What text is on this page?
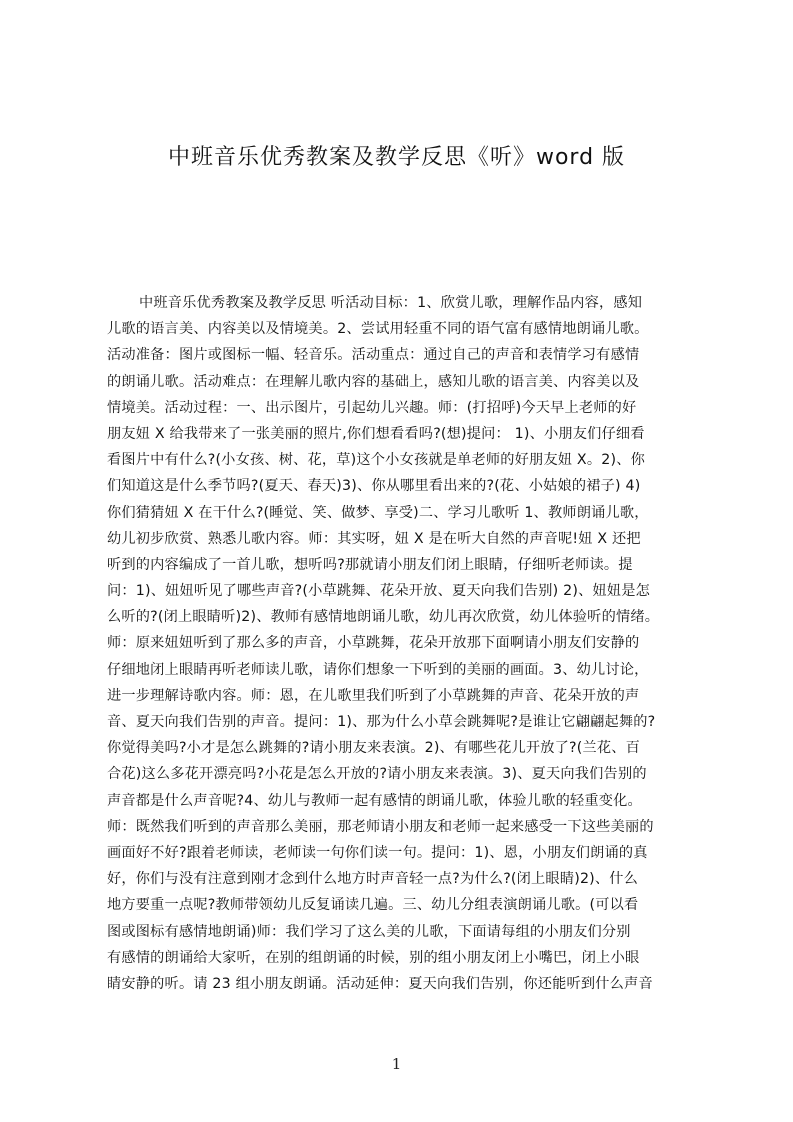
中班音乐优秀教案及教学反思《听》word 版
中班音乐优秀教案及教学反思 听活动目标：1、欣赏儿歌，理解作品内容，感知
儿歌的语言美、内容美以及情境美。2、尝试用轻重不同的语气富有感情地朗诵儿歌。
活动准备：图片或图标一幅、轻音乐。活动重点：通过自己的声音和表情学习有感情
的朗诵儿歌。活动难点：在理解儿歌内容的基础上，感知儿歌的语言美、内容美以及
情境美。活动过程：一、出示图片，引起幼儿兴趣。师：(打招呼)今天早上老师的好
朋友妞 X 给我带来了一张美丽的照片,你们想看看吗?(想)提问： 1)、小朋友们仔细看
看图片中有什么?(小女孩、树、花，草)这个小女孩就是单老师的好朋友妞 X。2)、你
们知道这是什么季节吗?(夏天、春天)3)、你从哪里看出来的?(花、小姑娘的裙子) 4)
你们猜猜妞 X 在干什么?(睡觉、笑、做梦、享受)二、学习儿歌听 1、教师朗诵儿歌，
幼儿初步欣赏、熟悉儿歌内容。师：其实呀，妞 X 是在听大自然的声音呢!妞 X 还把
听到的内容编成了一首儿歌，想听吗?那就请小朋友们闭上眼睛，仔细听老师读。提
问：1)、妞妞听见了哪些声音?(小草跳舞、花朵开放、夏天向我们告别) 2)、妞妞是怎
么听的?(闭上眼睛听)2)、教师有感情地朗诵儿歌，幼儿再次欣赏，幼儿体验听的情绪。
师：原来妞妞听到了那么多的声音，小草跳舞，花朵开放那下面啊请小朋友们安静的
仔细地闭上眼睛再听老师读儿歌，请你们想象一下听到的美丽的画面。3、幼儿讨论，
进一步理解诗歌内容。师：恩，在儿歌里我们听到了小草跳舞的声音、花朵开放的声
音、夏天向我们告别的声音。提问：1)、那为什么小草会跳舞呢?是谁让它翩翩起舞的?
你觉得美吗?小才是怎么跳舞的?请小朋友来表演。2)、有哪些花儿开放了?(兰花、百
合花)这么多花开漂亮吗?小花是怎么开放的?请小朋友来表演。3)、夏天向我们告别的
声音都是什么声音呢?4、幼儿与教师一起有感情的朗诵儿歌，体验儿歌的轻重变化。
师：既然我们听到的声音那么美丽，那老师请小朋友和老师一起来感受一下这些美丽的
画面好不好?跟着老师读，老师读一句你们读一句。提问：1)、恩，小朋友们朗诵的真
好，你们与没有注意到刚才念到什么地方时声音轻一点?为什么?(闭上眼睛)2)、什么
地方要重一点呢?教师带领幼儿反复诵读几遍。三、幼儿分组表演朗诵儿歌。(可以看
图或图标有感情地朗诵)师：我们学习了这么美的儿歌，下面请每组的小朋友们分别
有感情的朗诵给大家听，在别的组朗诵的时候，别的组小朋友闭上小嘴巴，闭上小眼
睛安静的听。请 23 组小朋友朗诵。活动延伸：夏天向我们告别，你还能听到什么声音
1
